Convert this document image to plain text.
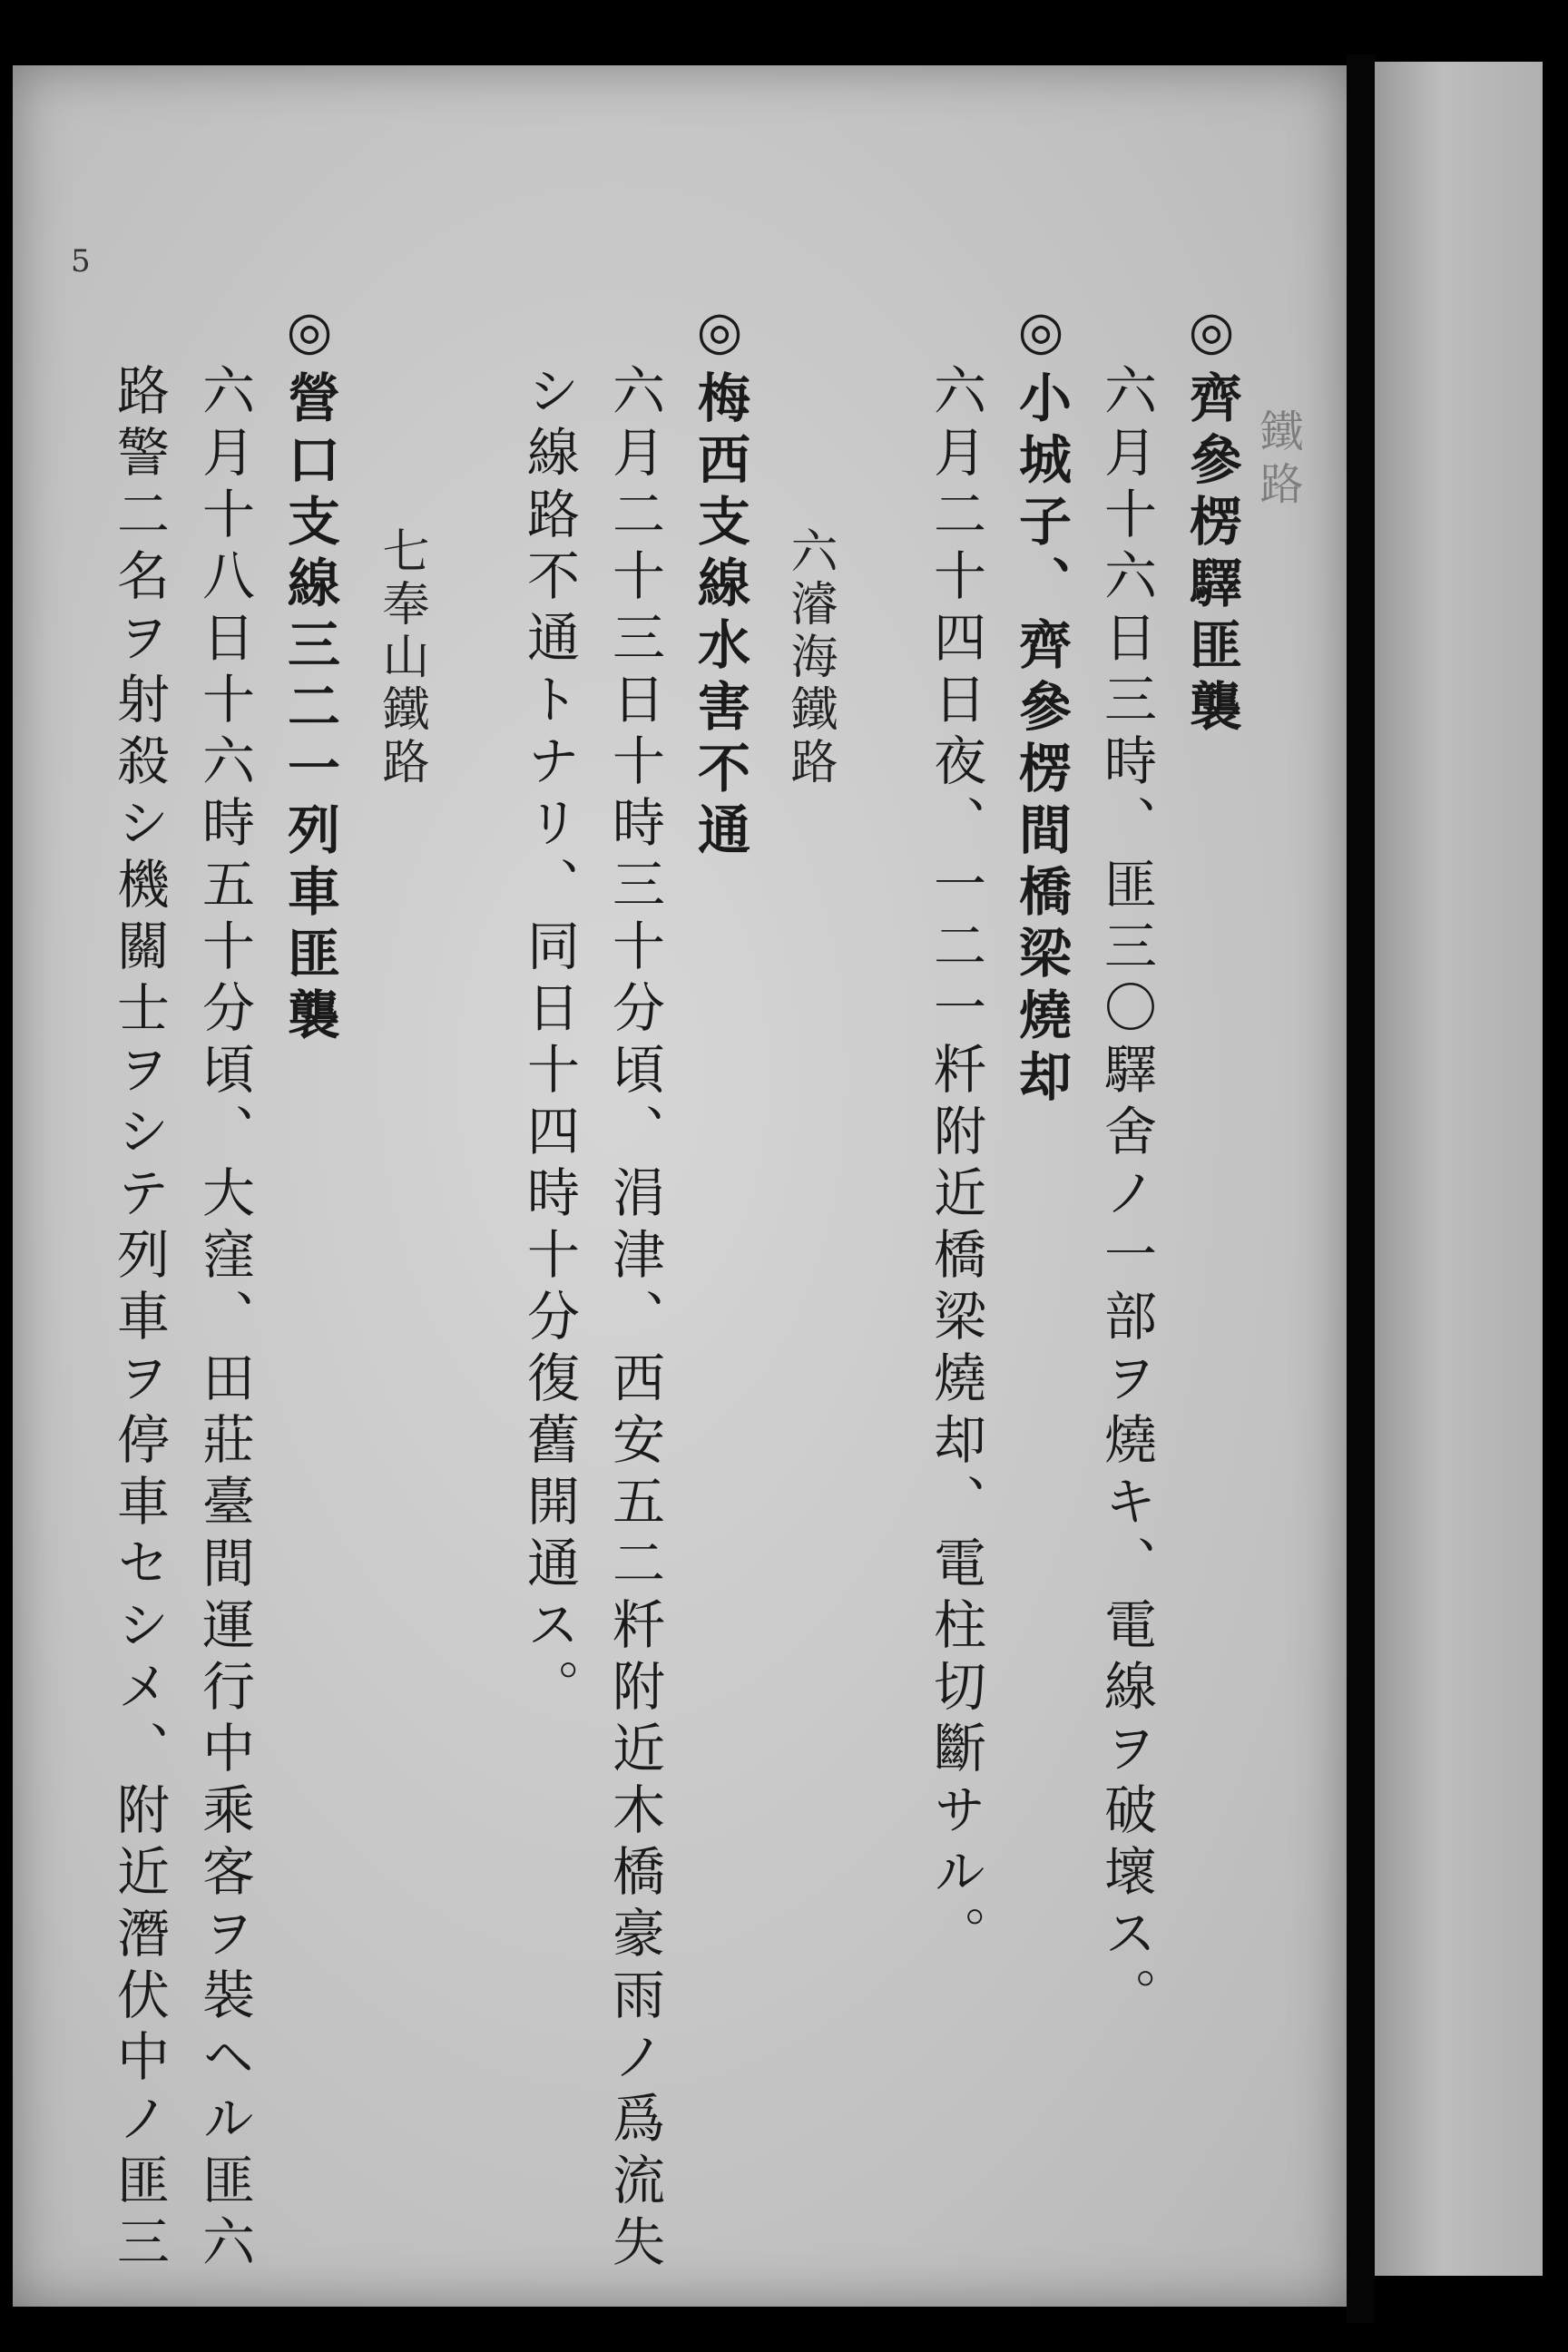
5
鐵路
◎齊參楞驛匪襲
六月十六日三時、匪三〇驛舍ノ一部ヲ燒キ、電線ヲ破壞ス。
◎小城子、齊參楞間橋梁燒却
六月二十四日夜、一二一粁附近橋梁燒却、電柱切斷サル。
六濬海鐵路
◎梅西支線水害不通
六月二十三日十時三十分頃、涓津、西安五二粁附近木橋豪雨ノ爲流失
シ線路不通トナリ、同日十四時十分復舊開通ス。
七奉山鐵路
◎營口支線三二一列車匪襲
六月十八日十六時五十分頃、大窪、田莊臺間運行中乘客ヲ裝ヘル匪六
路警二名ヲ射殺シ機關士ヲシテ列車ヲ停車セシメ、附近潛伏中ノ匪三
